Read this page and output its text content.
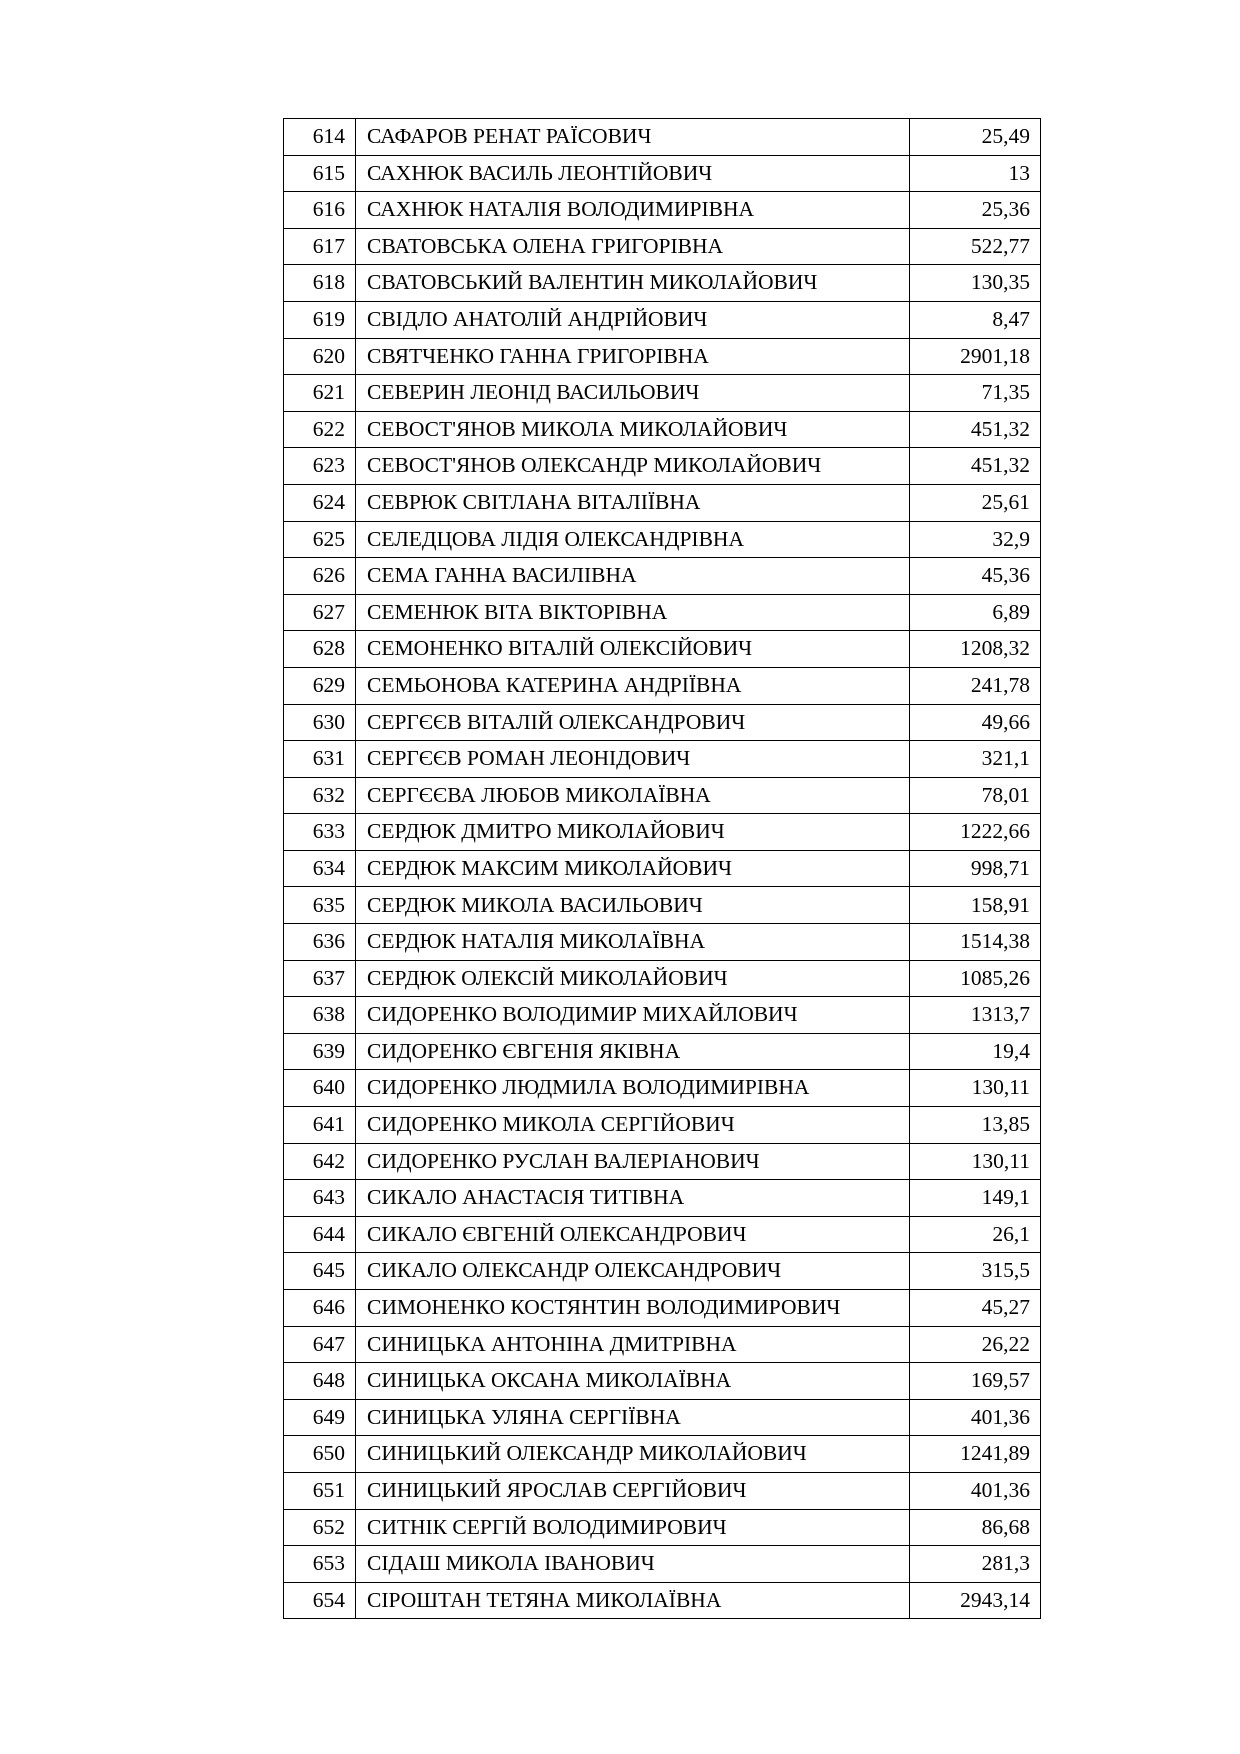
614	САФАРОВ РЕНАТ РАЇСОВИЧ	25,49
615	САХНЮК ВАСИЛЬ ЛЕОНТІЙОВИЧ	13
616	САХНЮК НАТАЛІЯ ВОЛОДИМИРІВНА	25,36
617	СВАТОВСЬКА ОЛЕНА ГРИГОРІВНА	522,77
618	СВАТОВСЬКИЙ ВАЛЕНТИН МИКОЛАЙОВИЧ	130,35
619	СВІДЛО АНАТОЛІЙ АНДРІЙОВИЧ	8,47
620	СВЯТЧЕНКО ГАННА ГРИГОРІВНА	2901,18
621	СЕВЕРИН ЛЕОНІД ВАСИЛЬОВИЧ	71,35
622	СЕВОСТ'ЯНОВ МИКОЛА МИКОЛАЙОВИЧ	451,32
623	СЕВОСТ'ЯНОВ ОЛЕКСАНДР МИКОЛАЙОВИЧ	451,32
624	СЕВРЮК СВІТЛАНА ВІТАЛІЇВНА	25,61
625	СЕЛЕДЦОВА ЛІДІЯ ОЛЕКСАНДРІВНА	32,9
626	СЕМА ГАННА ВАСИЛІВНА	45,36
627	СЕМЕНЮК ВІТА ВІКТОРІВНА	6,89
628	СЕМОНЕНКО ВІТАЛІЙ ОЛЕКСІЙОВИЧ	1208,32
629	СЕМЬОНОВА КАТЕРИНА АНДРІЇВНА	241,78
630	СЕРГЄЄВ ВІТАЛІЙ ОЛЕКСАНДРОВИЧ	49,66
631	СЕРГЄЄВ РОМАН ЛЕОНІДОВИЧ	321,1
632	СЕРГЄЄВА ЛЮБОВ МИКОЛАЇВНА	78,01
633	СЕРДЮК ДМИТРО МИКОЛАЙОВИЧ	1222,66
634	СЕРДЮК МАКСИМ МИКОЛАЙОВИЧ	998,71
635	СЕРДЮК МИКОЛА ВАСИЛЬОВИЧ	158,91
636	СЕРДЮК НАТАЛІЯ МИКОЛАЇВНА	1514,38
637	СЕРДЮК ОЛЕКСІЙ МИКОЛАЙОВИЧ	1085,26
638	СИДОРЕНКО ВОЛОДИМИР МИХАЙЛОВИЧ	1313,7
639	СИДОРЕНКО ЄВГЕНІЯ ЯКІВНА	19,4
640	СИДОРЕНКО ЛЮДМИЛА ВОЛОДИМИРІВНА	130,11
641	СИДОРЕНКО МИКОЛА СЕРГІЙОВИЧ	13,85
642	СИДОРЕНКО РУСЛАН ВАЛЕРІАНОВИЧ	130,11
643	СИКАЛО АНАСТАСІЯ ТИТІВНА	149,1
644	СИКАЛО ЄВГЕНІЙ ОЛЕКСАНДРОВИЧ	26,1
645	СИКАЛО ОЛЕКСАНДР ОЛЕКСАНДРОВИЧ	315,5
646	СИМОНЕНКО КОСТЯНТИН ВОЛОДИМИРОВИЧ	45,27
647	СИНИЦЬКА АНТОНІНА ДМИТРІВНА	26,22
648	СИНИЦЬКА ОКСАНА МИКОЛАЇВНА	169,57
649	СИНИЦЬКА УЛЯНА СЕРГІЇВНА	401,36
650	СИНИЦЬКИЙ ОЛЕКСАНДР МИКОЛАЙОВИЧ	1241,89
651	СИНИЦЬКИЙ ЯРОСЛАВ СЕРГІЙОВИЧ	401,36
652	СИТНІК СЕРГІЙ ВОЛОДИМИРОВИЧ	86,68
653	СІДАШ МИКОЛА ІВАНОВИЧ	281,3
654	СІРОШТАН ТЕТЯНА МИКОЛАЇВНА	2943,14
